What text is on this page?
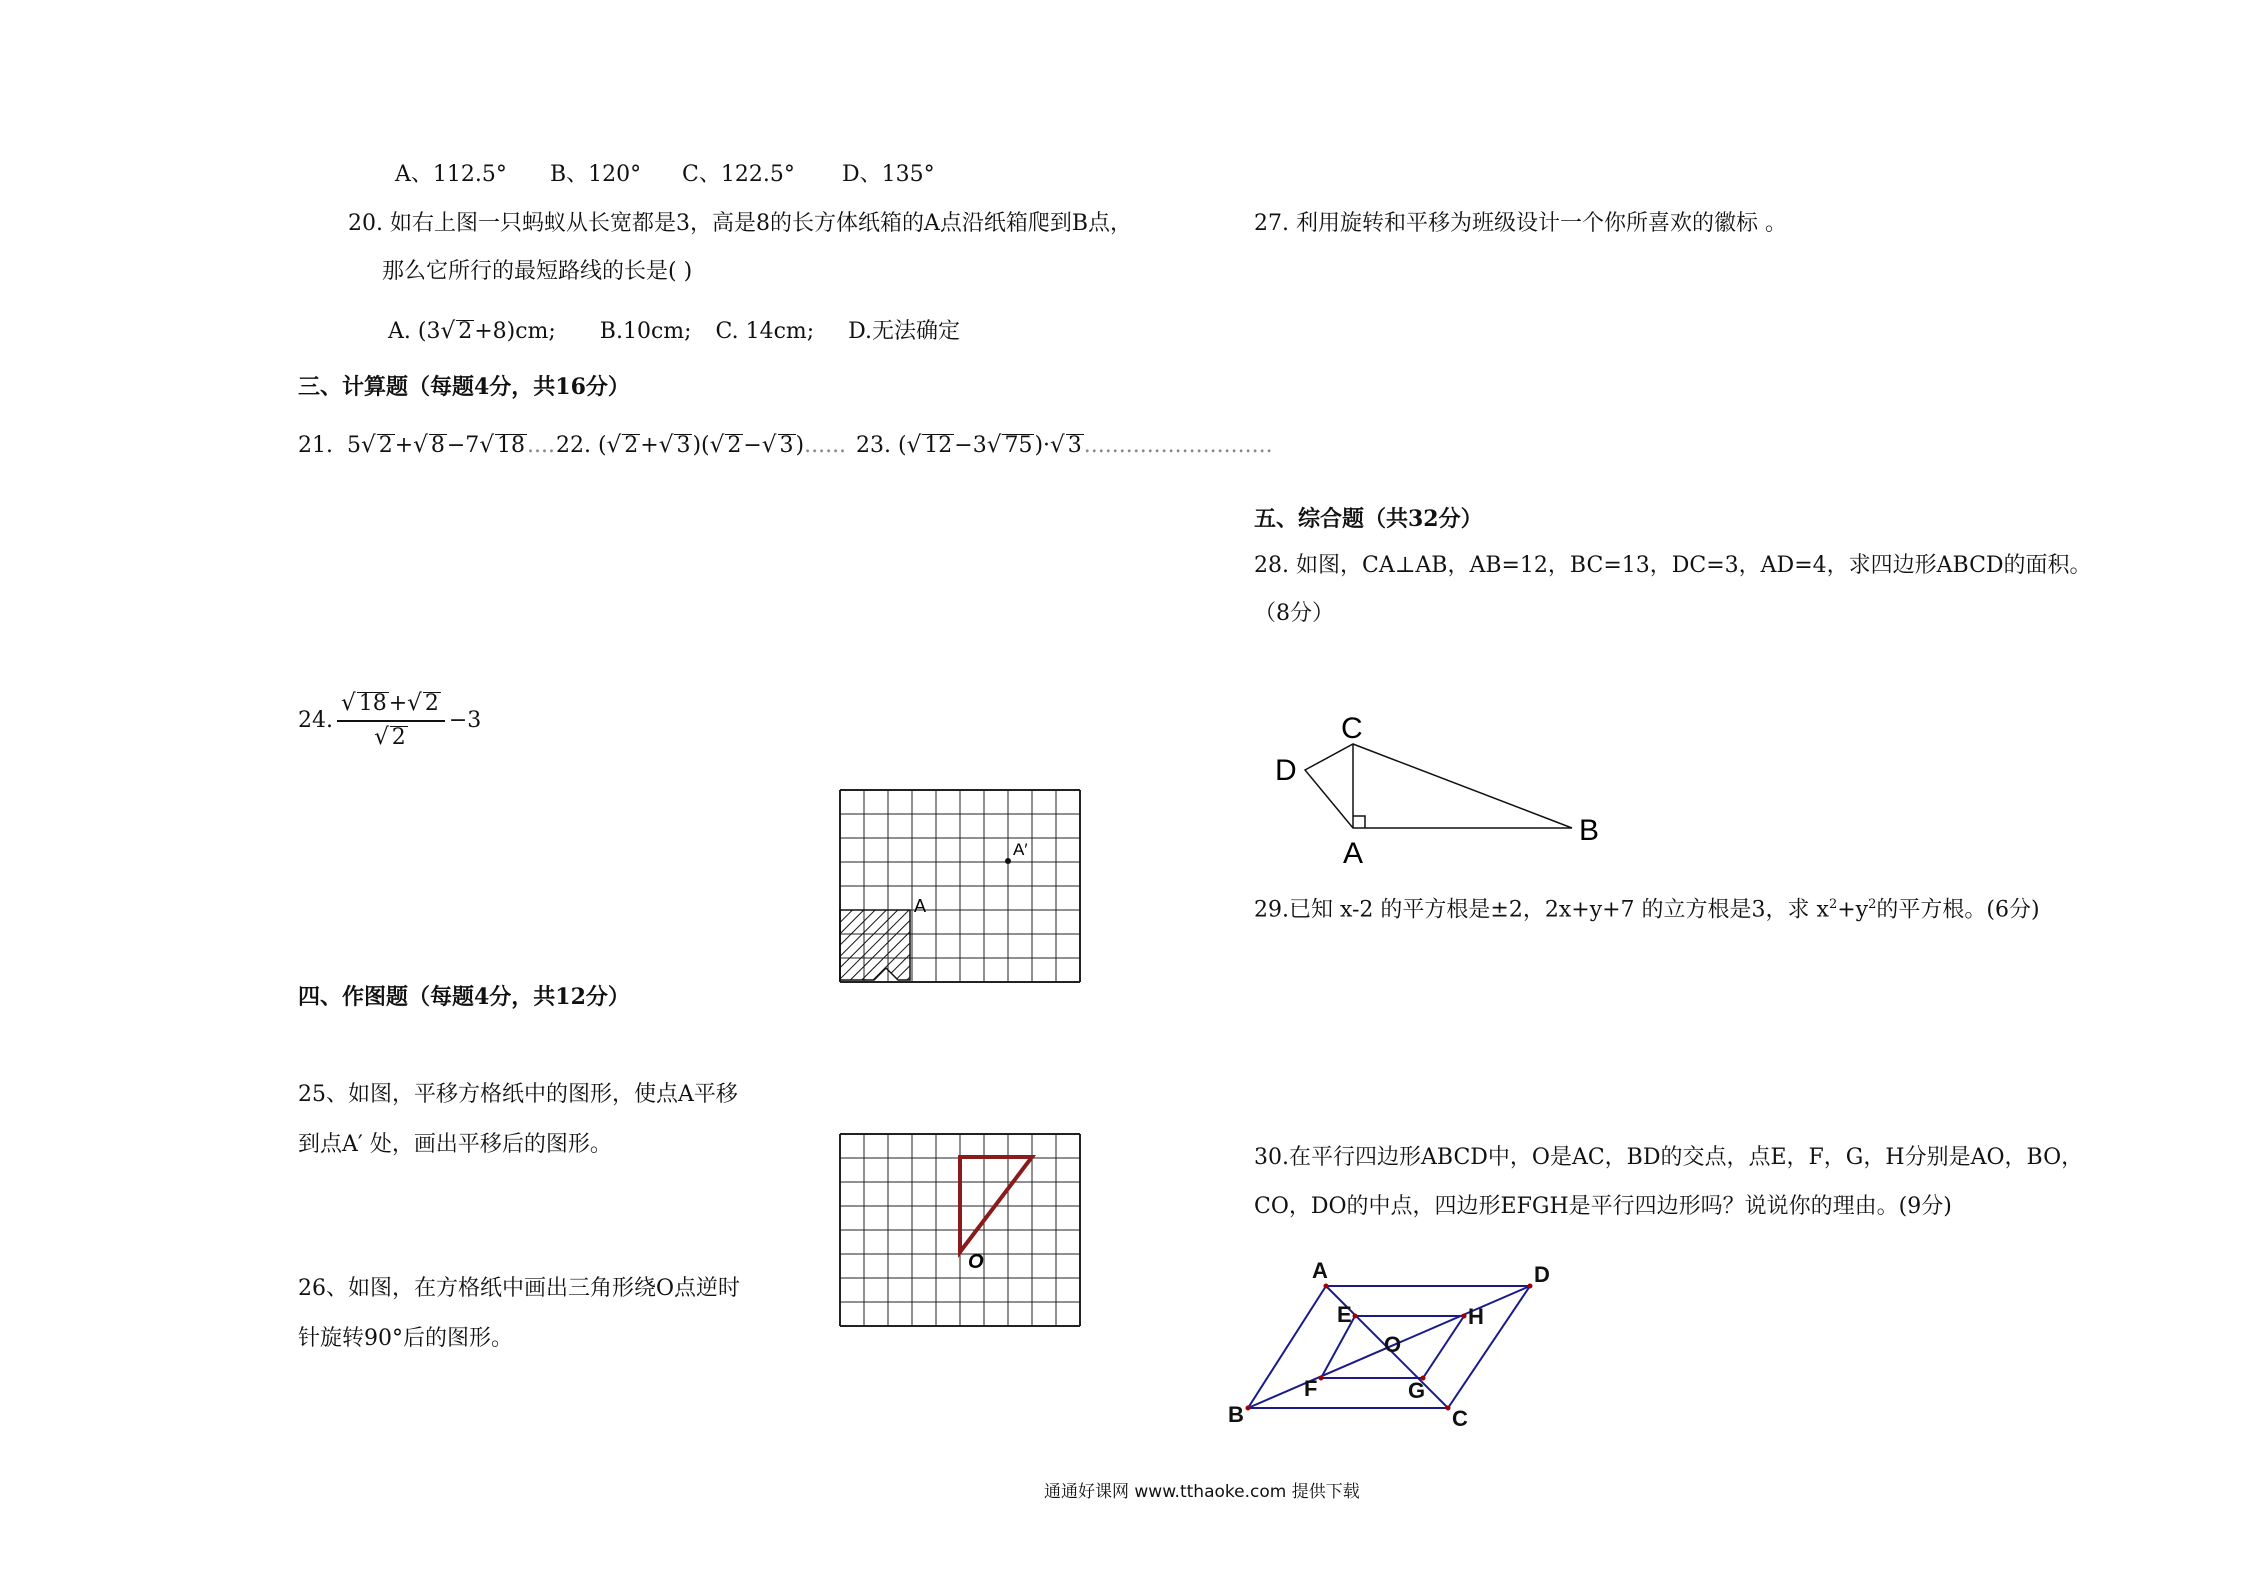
A、112.5° B、120° C、122.5° D、135°
20. 如右上图一只蚂蚁从长宽都是3，高是8的长方体纸箱的A点沿纸箱爬到B点，
那么它所行的最短路线的长是( )
A. (3√ 2+8)cm; B.10cm; C. 14cm; D.无法确定
三、计算题（每题4分，共16分）
21. 5√ 2+√ 8−7√ 18.... 22. (√ 2+√ 3)(√ 2−√ 3)...... 23. (√ 12−3√ 75)·√ 3...........................
24. $\frac{√ 18+√ 2}{√ 2} -3$
四、作图题（每题4分，共12分）
25、如图，平移方格纸中的图形，使点A平移
到点A′ 处，画出平移后的图形。
26、如图，在方格纸中画出三角形绕O点逆时
针旋转90°后的图形。
A
A′
O
27. 利用旋转和平移为班级设计一个你所喜欢的徽标 。
五、综合题（共32分）
28. 如图，CA⊥AB，AB=12，BC=13，DC=3，AD=4，求四边形ABCD的面积。
（8分）
C
D
A
B
29.已知 x-2 的平方根是±2，2x+y+7 的立方根是3，求 $x^2+y^2$的平方根。(6分)
30.在平行四边形ABCD中，O是AC，BD的交点，点E，F，G，H分别是AO，BO，
CO，DO的中点，四边形EFGH是平行四边形吗？说说你的理由。(9分)
A	D
E	H
O
F	G
B	C
通通好课网 www.tthaoke.com 提供下载
